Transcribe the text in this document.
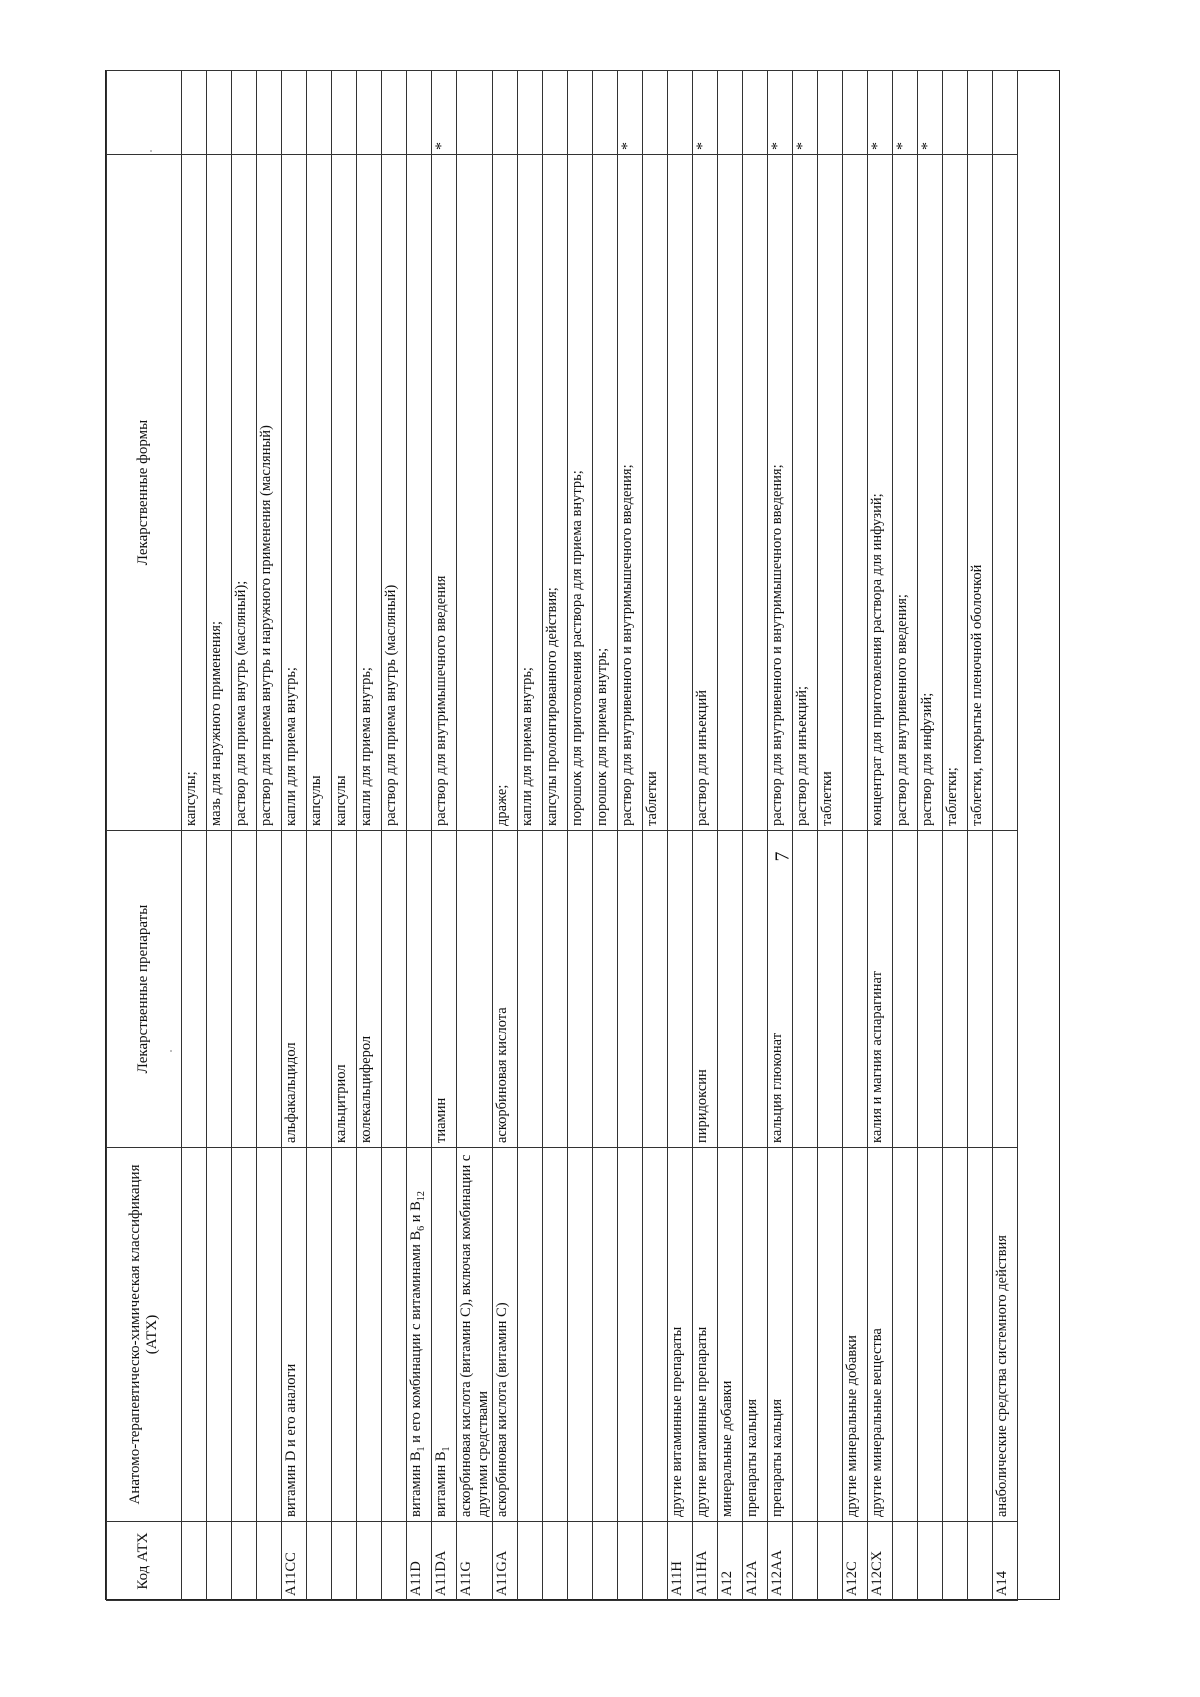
7
Код АТХ	Анатомо-терапевтическо-химическая классификация (АТХ)	Лекарственные препараты	Лекарственные формы	
			капсулы;	
			мазь для наружного применения;	
			раствор для приема внутрь (масляный);	
			раствор для приема внутрь и наружного применения (масляный)	
A11CC	витамин D и его аналоги	альфакальцидол	капли для приема внутрь;	
			капсулы	
		кальцитриол	капсулы	
		колекальциферол	капли для приема внутрь;	
			раствор для приема внутрь (масляный)	
A11D	витамин $B_1$ и его комбинации с витаминами $B_6$ и $B_{12}$			
A11DA	витамин $B_1$	тиамин	раствор для внутримышечного введения	*
A11G	аскорбиновая кислота (витамин С), включая комбинации с другими средствами			
A11GA	аскорбиновая кислота (витамин С)	аскорбиновая кислота	драже;	
			капли для приема внутрь;	
			капсулы пролонгированного действия;	
			порошок для приготовления раствора для приема внутрь;	
			порошок для приема внутрь;	
			раствор для внутривенного и внутримышечного введения;	*
			таблетки	
A11H	другие витаминные препараты			
A11HA	другие витаминные препараты	пиридоксин	раствор для инъекций	*
A12	минеральные добавки			
A12A	препараты кальция			
A12AA	препараты кальция	кальция глюконат	раствор для внутривенного и внутримышечного введения;	*
			раствор для инъекций;	*
			таблетки	
A12C	другие минеральные добавки			
A12CX	другие минеральные вещества	калия и магния аспарагинат	концентрат для приготовления раствора для инфузий;	*
			раствор для внутривенного введения;	*
			раствор для инфузий;	*
			таблетки;	
			таблетки, покрытые пленочной оболочкой	
A14	анаболические средства системного действия			
